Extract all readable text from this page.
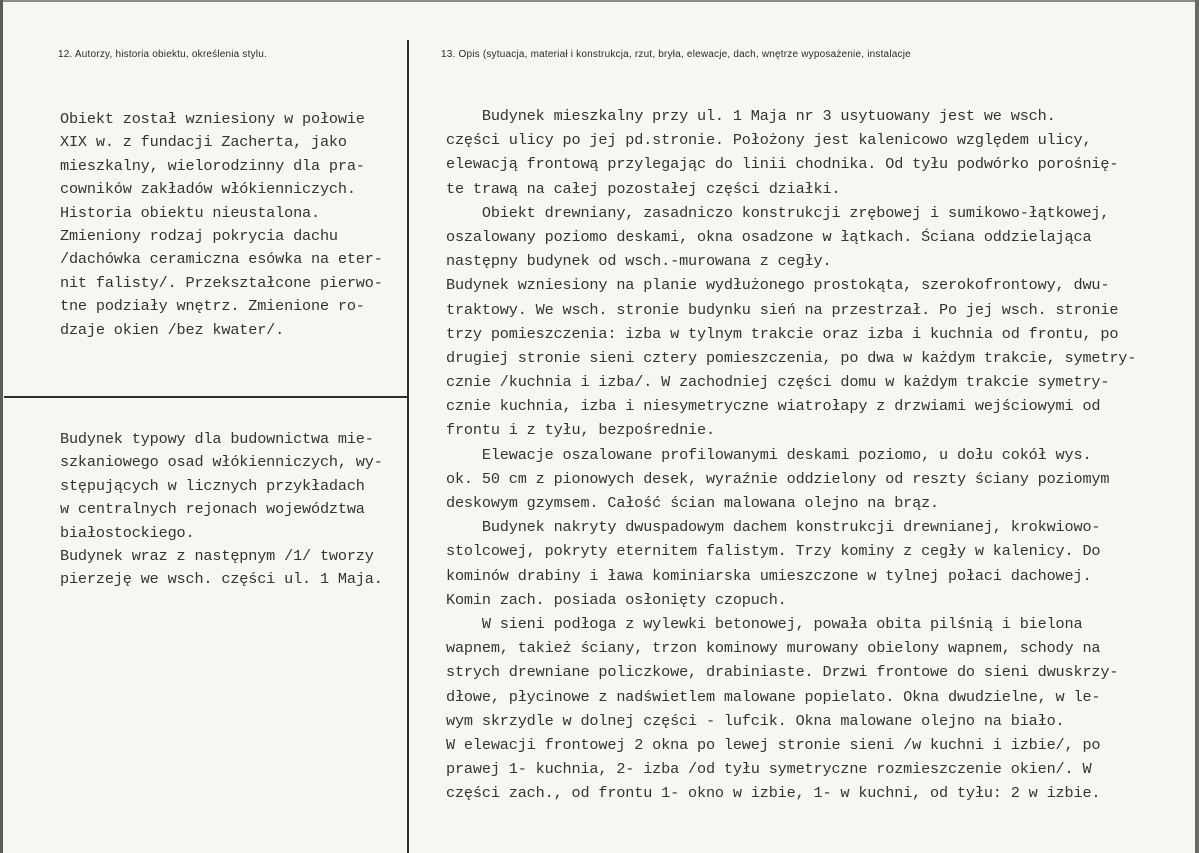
12. Autorzy, historia obiektu, określenia stylu.	13. Opis (sytuacja, materiał i konstrukcja, rzut, bryła, elewacje, dach, wnętrze wyposażenie, instalacje
Obiekt został wzniesiony w połowie
XIX w. z fundacji Zacherta, jako
mieszkalny, wielorodzinny dla pra-
cowników zakładów włókienniczych.
Historia obiektu nieustalona.
Zmieniony rodzaj pokrycia dachu
/dachówka ceramiczna esówka na eter-
nit falisty/. Przekształcone pierwo-
tne podziały wnętrz. Zmienione ro-
dzaje okien /bez kwater/.
Budynek typowy dla budownictwa mie-
szkaniowego osad włókienniczych, wy-
stępujących w licznych przykładach
w centralnych rejonach województwa
białostockiego.
Budynek wraz z następnym /1/ tworzy
pierzeję we wsch. części ul. 1 Maja.
Budynek mieszkalny przy ul. 1 Maja nr 3 usytuowany jest we wsch.
części ulicy po jej pd.stronie. Położony jest kalenicowo względem ulicy,
elewacją frontową przylegając do linii chodnika. Od tyłu podwórko porośnię-
te trawą na całej pozostałej części działki.
Obiekt drewniany, zasadniczo konstrukcji zrębowej i sumikowo-łątkowej,
oszalowany poziomo deskami, okna osadzone w łątkach. Ściana oddzielająca
następny budynek od wsch.-murowana z cegły.
Budynek wzniesiony na planie wydłużonego prostokąta, szerokofrontowy, dwu-
traktowy. We wsch. stronie budynku sień na przestrzał. Po jej wsch. stronie
trzy pomieszczenia: izba w tylnym trakcie oraz izba i kuchnia od frontu, po
drugiej stronie sieni cztery pomieszczenia, po dwa w każdym trakcie, symetry-
cznie /kuchnia i izba/. W zachodniej części domu w każdym trakcie symetry-
cznie kuchnia, izba i niesymetryczne wiatrołapy z drzwiami wejściowymi od
frontu i z tyłu, bezpośrednie.
Elewacje oszalowane profilowanymi deskami poziomo, u dołu cokół wys.
ok. 50 cm z pionowych desek, wyraźnie oddzielony od reszty ściany poziomym
deskowym gzymsem. Całość ścian malowana olejno na brąz.
Budynek nakryty dwuspadowym dachem konstrukcji drewnianej, krokwiowo-
stolcowej, pokryty eternitem falistym. Trzy kominy z cegły w kalenicy. Do
kominów drabiny i ława kominiarska umieszczone w tylnej połaci dachowej.
Komin zach. posiada osłonięty czopuch.
W sieni podłoga z wylewki betonowej, powała obita pilśnią i bielona
wapnem, takież ściany, trzon kominowy murowany obielony wapnem, schody na
strych drewniane policzkowe, drabiniaste. Drzwi frontowe do sieni dwuskrzy-
dłowe, płycinowe z nadświetlem malowane popielato. Okna dwudzielne, w le-
wym skrzydle w dolnej części - lufcik. Okna malowane olejno na biało.
W elewacji frontowej 2 okna po lewej stronie sieni /w kuchni i izbie/, po
prawej 1- kuchnia, 2- izba /od tyłu symetryczne rozmieszczenie okien/. W
części zach., od frontu 1- okno w izbie, 1- w kuchni, od tyłu: 2 w izbie.
